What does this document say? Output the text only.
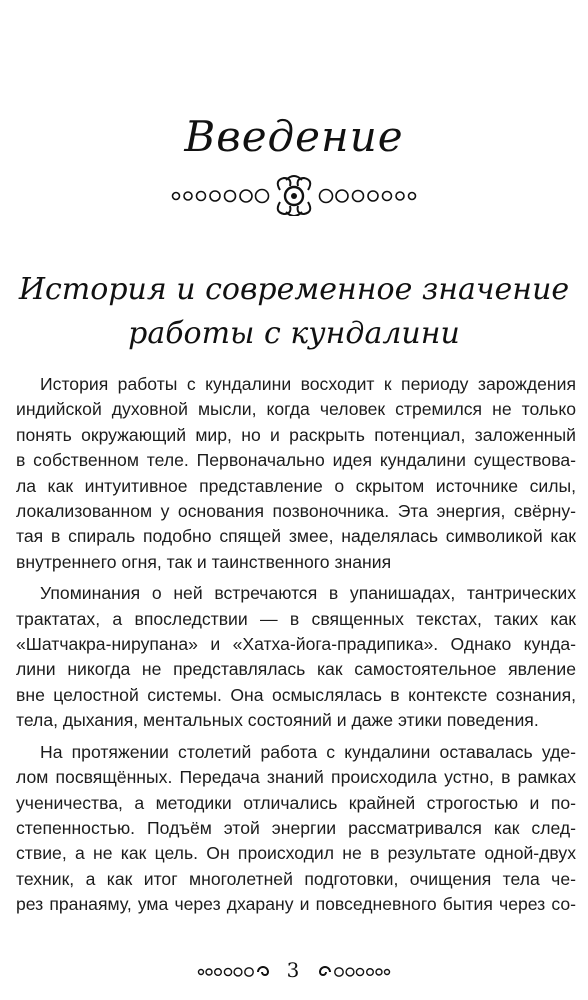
Введение
История и современное значение
работы с кундалини
История работы с кундалини восходит к периоду зарождения
индийской духовной мысли, когда человек стремился не только
понять окружающий мир, но и раскрыть потенциал, заложенный
в собственном теле. Первоначально идея кундалини существова-
ла как интуитивное представление о скрытом источнике силы,
локализованном у основания позвоночника. Эта энергия, свёрну-
тая в спираль подобно спящей змее, наделялась символикой как
внутреннего огня, так и таинственного знания
Упоминания о ней встречаются в упанишадах, тантрических
трактатах, а впоследствии — в священных текстах, таких как
«Шатчакра-нирупана» и «Хатха-йога-прадипика». Однако кунда-
лини никогда не представлялась как самостоятельное явление
вне целостной системы. Она осмыслялась в контексте сознания,
тела, дыхания, ментальных состояний и даже этики поведения.
На протяжении столетий работа с кундалини оставалась уде-
лом посвящённых. Передача знаний происходила устно, в рамках
ученичества, а методики отличались крайней строгостью и по-
степенностью. Подъём этой энергии рассматривался как след-
ствие, а не как цель. Он происходил не в результате одной-двух
техник, а как итог многолетней подготовки, очищения тела че-
рез пранаяму, ума через дхарану и повседневного бытия через со-
3
